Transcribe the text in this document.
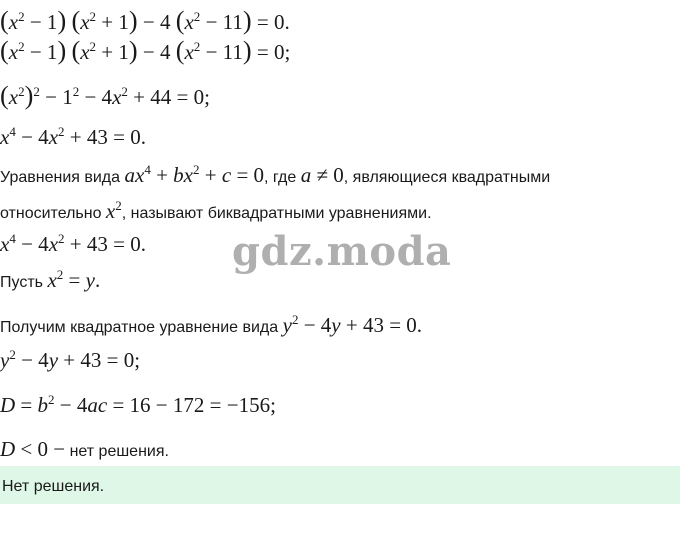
$(x^2 - 1) (x^2 + 1) - 4$ $(x^2 - 11) = 0$.
$(x^2 - 1) (x^2 + 1) - 4$ $(x^2 - 11) = 0$;
$(x^2)^2 - 1^2 - 4x^2 + 44 = 0$;
$x^4 - 4x^2 + 43 = 0$.
Уравнения вида $ax^4 + bx^2 + c = 0$, где a ≠ 0, являющиеся квадратными
относительно $x^2$, называют биквадратными уравнениями.
$x^4 - 4x^2 + 43 = 0$.
Пусть $x^2 = y$.
Получим квадратное уравнение вида $y^2 - 4y + 43 = 0$.
$y^2 - 4y + 43 = 0$;
$D = b^2 - 4ac = 16 - 172 = -156$;
D < 0 − нет решения.
Нет решения.
gdz.moda
